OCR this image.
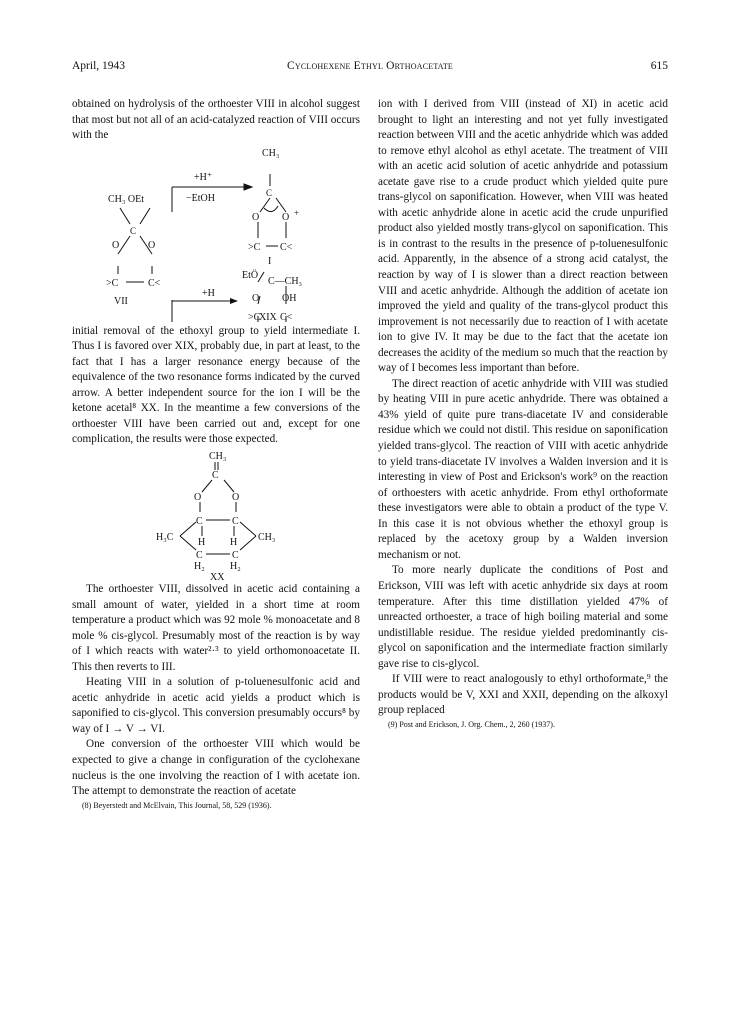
April, 1943	Cyclohexene Ethyl Orthoacetate	615

obtained on hydrolysis of the orthoester VIII in alcohol suggest that most but not all of an acid-catalyzed reaction of VIII occurs with the

CH₃
+H⁺
−EtOH
CH₃ OEt
C
O	O
>C	C<
VII
C
O O +
>C C<
I
+H
EtÖ
C—CH₃
O OH
>C C<
XIX

initial removal of the ethoxyl group to yield intermediate I. Thus I is favored over XIX, probably due, in part at least, to the fact that I has a larger resonance energy because of the equivalence of the two resonance forms indicated by the curved arrow. A better independent source for the ion I will be the ketone acetal⁸ XX. In the meantime a few conversions of the orthoester VIII have been carried out and, except for one complication, the results were those expected.

CH₃
C
O	O
C	C
H H
H₃C	CH₃
C	C
H₂	H₂
XX

The orthoester VIII, dissolved in acetic acid containing a small amount of water, yielded in a short time at room temperature a product which was 92 mole % monoacetate and 8 mole % cis-glycol. Presumably most of the reaction is by way of I which reacts with water²·³ to yield orthomonoacetate II. This then reverts to III.

Heating VIII in a solution of p-toluenesulfonic acid and acetic anhydride in acetic acid yields a product which is saponified to cis-glycol. This conversion presumably occurs⁸ by way of I → V → VI.

One conversion of the orthoester VIII which would be expected to give a change in configuration of the cyclohexane nucleus is the one involving the reaction of I with acetate ion. The attempt to demonstrate the reaction of acetate

(8) Beyerstedt and McElvain, This Journal, 58, 529 (1936).

ion with I derived from VIII (instead of XI) in acetic acid brought to light an interesting and not yet fully investigated reaction between VIII and the acetic anhydride which was added to remove ethyl alcohol as ethyl acetate. The treatment of VIII with an acetic acid solution of acetic anhydride and potassium acetate gave rise to a crude product which yielded quite pure trans-glycol on saponification. However, when VIII was heated with acetic anhydride alone in acetic acid the crude unpurified product also yielded mostly trans-glycol on saponification. This is in contrast to the results in the presence of p-toluenesulfonic acid. Apparently, in the absence of a strong acid catalyst, the reaction by way of I is slower than a direct reaction between VIII and acetic anhydride. Although the addition of acetate ion improved the yield and quality of the trans-glycol product this improvement is not necessarily due to reaction of I with acetate ion to give IV. It may be due to the fact that the acetate ion decreases the acidity of the medium so much that the reaction by way of I becomes less important than before.

The direct reaction of acetic anhydride with VIII was studied by heating VIII in pure acetic anhydride. There was obtained a 43% yield of quite pure trans-diacetate IV and considerable residue which we could not distil. This residue on saponification yielded trans-glycol. The reaction of VIII with acetic anhydride to yield trans-diacetate IV involves a Walden inversion and it is interesting in view of Post and Erickson's work⁹ on the reaction of orthoesters with acetic anhydride. From ethyl orthoformate these investigators were able to obtain a product of the type V. In this case it is not obvious whether the ethoxyl group is replaced by the acetoxy group by a Walden inversion mechanism or not.

To more nearly duplicate the conditions of Post and Erickson, VIII was left with acetic anhydride six days at room temperature. After this time distillation yielded 47% of unreacted orthoester, a trace of high boiling material and some undistillable residue. The residue yielded predominantly cis-glycol on saponification and the intermediate fraction similarly gave rise to cis-glycol.

If VIII were to react analogously to ethyl orthoformate,⁹ the products would be V, XXI and XXII, depending on the alkoxyl group replaced

(9) Post and Erickson, J. Org. Chem., 2, 260 (1937).
